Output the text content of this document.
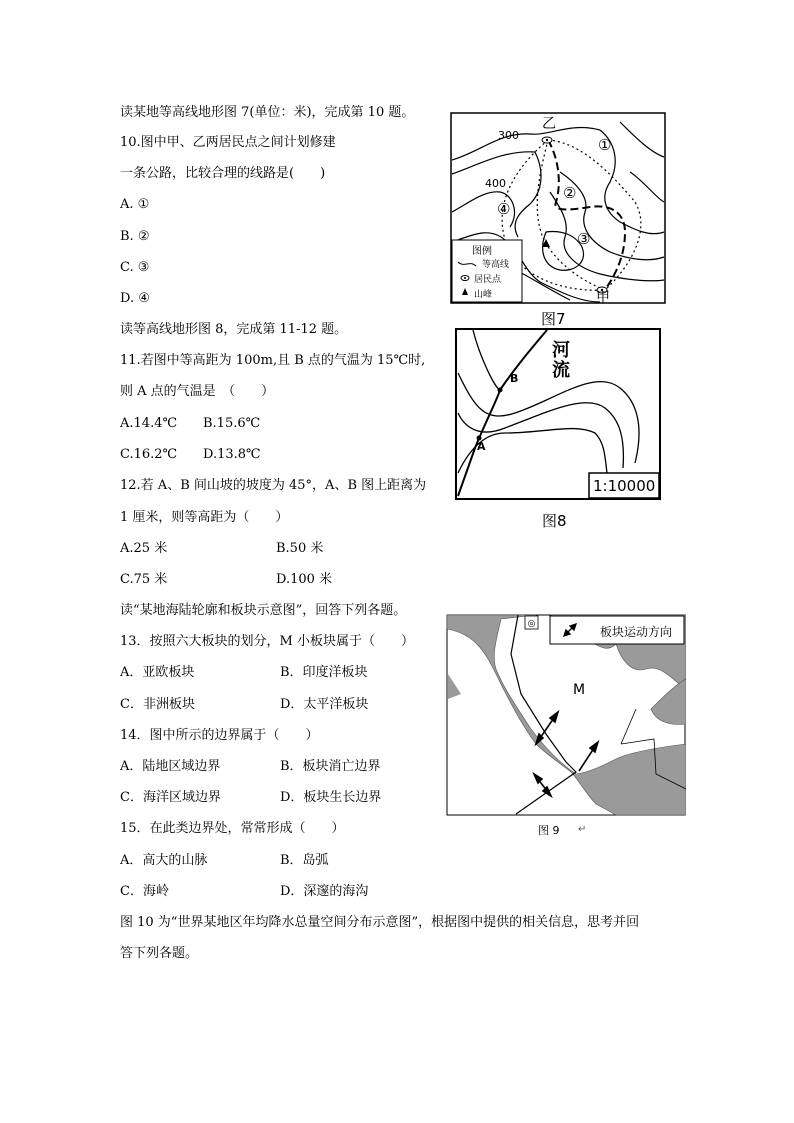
读某地等高线地形图 7(单位：米)，完成第 10 题。
10.图中甲、乙两居民点之间计划修建
一条公路，比较合理的线路是(　　)
A. ①
B. ②
C. ③
D. ④
读等高线地形图 8，完成第 11-12 题。
11.若图中等高距为 100m,且 B 点的气温为 15℃时,
则 A 点的气温是　（　　）
A.14.4℃ B.15.6℃
C.16.2℃ D.13.8℃
12.若 A、B 间山坡的坡度为 45°，A、B 图上距离为
1 厘米，则等高距为（　　）
A.25 米	B.50 米
C.75 米	D.100 米
读“某地海陆轮廓和板块示意图”，回答下列各题。
13．按照六大板块的划分，M 小板块属于（　　）
A．亚欧板块	B．印度洋板块
C．非洲板块	D．太平洋板块
14．图中所示的边界属于（　　）
A．陆地区域边界	B．板块消亡边界
C．海洋区域边界	D．板块生长边界
15．在此类边界处，常常形成（　　）
A．高大的山脉	B．岛弧
C．海岭	D．深邃的海沟
图 10 为“世界某地区年均降水总量空间分布示意图”，根据图中提供的相关信息，思考并回
答下列各题。
乙
甲
300
400
①
②
③
④
图例
等高线
居民点
山峰
图7
河
流
B
A
1:10000
图8
◎
板块运动方向
M
图 9 ↵
